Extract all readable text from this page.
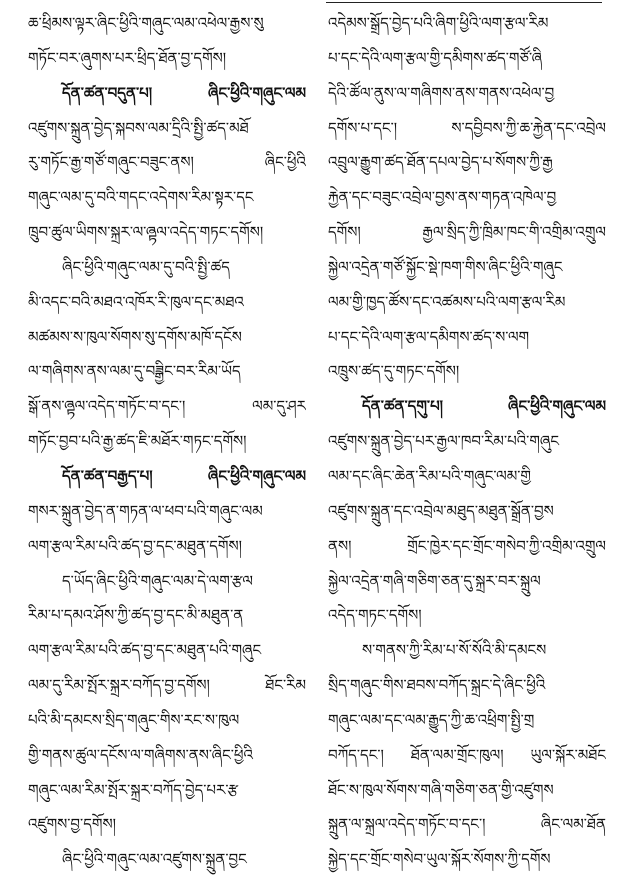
ཆ་ཕྲིམས་ལྟར་ཞིང་ཕྱིའི་གཞུང་ལམ་འཕེལ་རྒྱས་སུ
གཏོང་བར་ཞུགས་པར་ཕྲིད་ཐོན་བྱ་དགོས།
དོན་ཚན་བདུན་པ། ཞིང་ཕྱིའི་གཞུང་ལམ
འཛུགས་སྐྲུན་བྱེད་སྐབས་ལམ་དྲིའི་སྤྱི་ཚད་མཐོ
རུ་གཏོང་རྒྱ་གཙོ་གཞུང་བཟུང་ནས། ཞིང་ཕྱིའི
གཞུང་ལམ་དུ་བའི་གདང་འདེགས་རིམ་སྟར་དང
ཁྲུབ་ཚུལ་ཡིགས་སྐྲར་ལ་ཞྟལ་འདེད་གཏང་དགོས།
ཞིང་ཕྱིའི་གཞུང་ལམ་དུ་བའི་སྤྱི་ཚད
མི་འདང་བའི་མཐའ་འཁོར་རི་ཁུལ་དང་མཐའ
མཚམས་ས་ཁུལ་སོགས་སུ་དགོས་མཁོ་དངོས
ལ་གཞིགས་ནས་ལམ་དུ་བཟྒྱིང་བར་རིམ་ཡོད
སྒོ་ནས་ཞྟལ་འདེད་གཏོང་བ་དང་། ལམ་དུ་ཤར
གཏོང་བྱབ་པའི་རྒྱ་ཚད་ཇི་མཐོར་གཏང་དགོས།
དོན་ཚན་བརྒྱད་པ། ཞིང་ཕྱིའི་གཞུང་ལམ
གསར་སྐྲུན་བྱེད་ན་གཏན་ལ་ཕབ་པའི་གཞུང་ལམ
ལག་རྩལ་རིམ་པའི་ཚད་བྱ་དང་མཐུན་དགོས།
ད་ཡོད་ཞིང་ཕྱིའི་གཞུང་ལམ་དེ་ལག་རྩལ
རིམ་པ་དམའ་ཤོས་ཀྱི་ཚད་བྱ་དང་མི་མཐུན་ན
ལག་རྩལ་རིམ་པའི་ཚད་བྱ་དང་མཐུན་པའི་གཞུང
ལམ་དུ་རིམ་སྤོར་སྐྲར་བཀོད་བྱ་དགོས། ཐོང་རིམ
པའི་མི་དམངས་སྲིད་གཞུང་གིས་རང་ས་ཁུལ
གྱི་གནས་ཚུལ་དངོས་ལ་གཞིགས་ནས་ཞིང་ཕྱིའི
གཞུང་ལམ་རིམ་སྤོར་སྐྲར་བཀོད་བྱེད་པར་རྩ
འཛུགས་བྱ་དགོས།
ཞིང་ཕྱིའི་གཞུང་ལམ་འཛུགས་སྐྲུན་བྱང
འདེམས་སྒྲོད་བྱེད་པའི་ཞིག་ཕྱིའི་ལག་རྩལ་རིམ
པ་དང་དེའི་ལག་རྩལ་གྱི་དམིགས་ཚད་གཙོ་ཞི
དེའི་ཚོལ་ནུས་ལ་གཞིགས་ནས་གནས་འཕེལ་བྱ
དགོས་པ་དང་། ས་དབྱིབས་ཀྱི་ཆ་རྐྱེན་དང་འབྲེལ
འབྲུལ་རྒྱུག་ཚད་ཐོན་དཔལ་བྱེད་པ་སོགས་ཀྱི་རྒྱ
རྐྱེན་དང་བཟུང་འབྲེལ་བྱས་ནས་གཏན་འཁེལ་བྱ
དགོས། རྒྱལ་སྲིད་ཀྱི་ཁྲིམ་ཁང་གི་འགྲིམ་འགྲུལ
སྐྱེལ་འདྲེན་གཙོ་སྐྱོང་སྡེ་ཁག་གིས་ཞིང་ཕྱིའི་གཞུང
ལམ་གྱི་ཁྱད་ཚོས་དང་འཚམས་པའི་ལག་རྩལ་རིམ
པ་དང་དེའི་ལག་རྩལ་དམིགས་ཚད་ས་ལག
འཁྲུས་ཚད་དུ་གཏང་དགོས།
དོན་ཚན་དགུ་པ། ཞིང་ཕྱིའི་གཞུང་ལམ
འཛུགས་སྐྲུན་བྱེད་པར་རྒྱལ་ཁབ་རིམ་པའི་གཞུང
ལམ་དང་ཞིང་ཆེན་རིམ་པའི་གཞུང་ལམ་གྱི
འཛུགས་སྐྲུན་དང་འབྲེལ་མཐུད་མཐུན་སྒྲོན་བྱས
ནས། གྲོང་ཁྱེར་དང་གྲོང་གསེབ་ཀྱི་འགྲིམ་འགྲུལ
སྐྱེལ་འདྲེན་གཞི་གཅིག་ཅན་དུ་སྐྲར་བར་སྐྲུལ
འདེད་གཏང་དགོས།
ས་གནས་ཀྱི་རིམ་པ་སོ་སོའི་མི་དམངས
སྲིད་གཞུང་གིས་ཐབས་བཀོད་སྐྲང་དེ་ཞིང་ཕྱིའི
གཞུང་ལམ་དང་ལམ་རྒྱུད་ཀྱི་ཆ་འཕྲིག་སྤྱི་གྲ
བཀོད་དང་། ཐོན་ལམ་གྲོང་ཁུལ། ཡུལ་སྐོར་མཐོང
ཐོང་ས་ཁུལ་སོགས་གཞི་གཅིག་ཅན་གྱི་འཛུགས
སྐྲུན་ལ་སྐྲལ་འདེད་གཏོང་བ་དང་། ཞིང་ལམ་ཐོན
སྐྱེད་དང་གྲོང་གསེབ་ཡུལ་སྐོར་སོགས་ཀྱི་དགོས
